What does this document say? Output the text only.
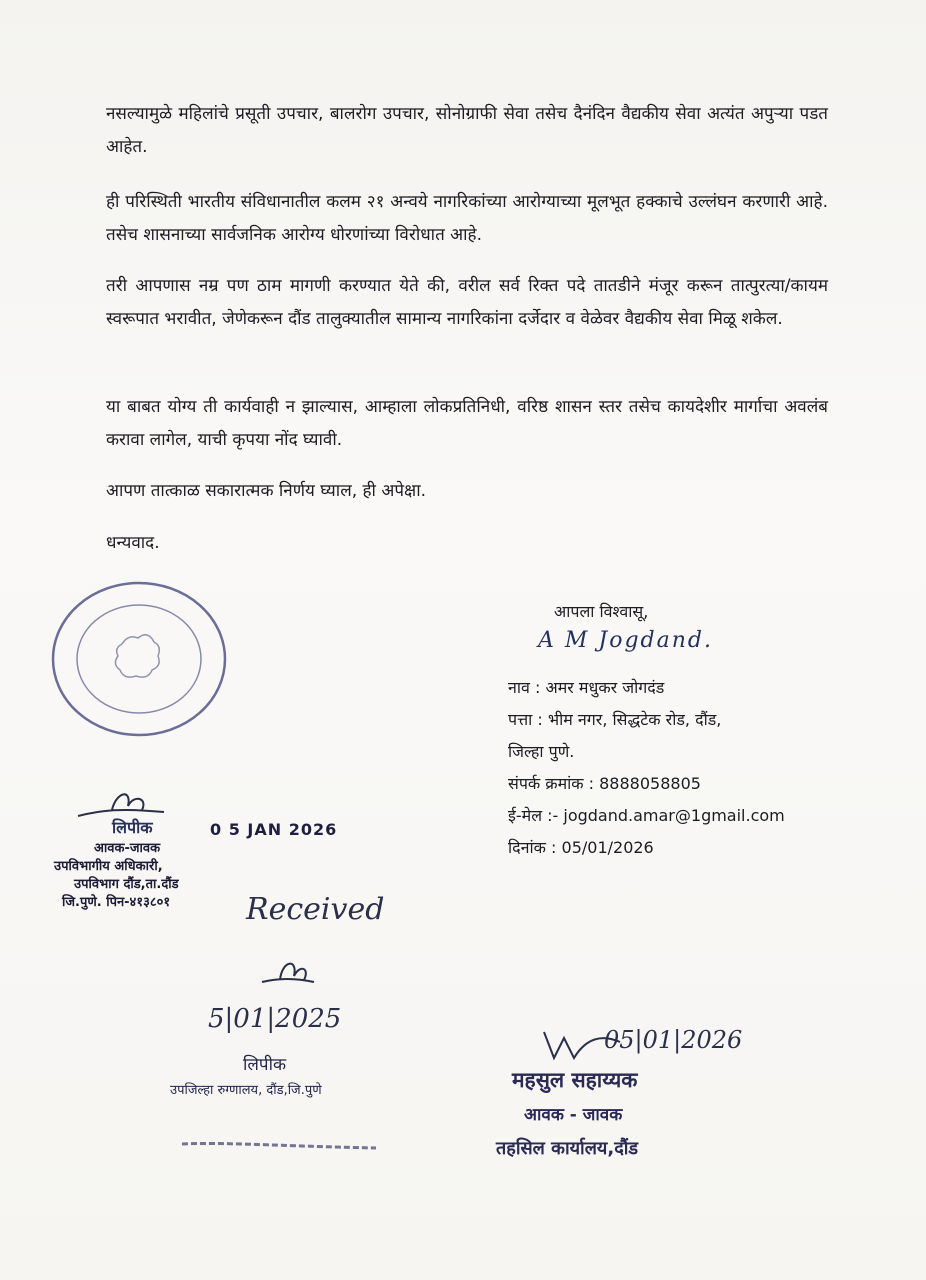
नसल्यामुळे महिलांचे प्रसूती उपचार, बालरोग उपचार, सोनोग्राफी सेवा तसेच दैनंदिन वैद्यकीय सेवा अत्यंत अपुऱ्या पडत आहेत.
ही परिस्थिती भारतीय संविधानातील कलम २१ अन्वये नागरिकांच्या आरोग्याच्या मूलभूत हक्काचे उल्लंघन करणारी आहे. तसेच शासनाच्या सार्वजनिक आरोग्य धोरणांच्या विरोधात आहे.
तरी आपणास नम्र पण ठाम मागणी करण्यात येते की, वरील सर्व रिक्त पदे तातडीने मंजूर करून तात्पुरत्या/कायम स्वरूपात भरावीत, जेणेकरून दौंड तालुक्यातील सामान्य नागरिकांना दर्जेदार व वेळेवर वैद्यकीय सेवा मिळू शकेल.
या बाबत योग्य ती कार्यवाही न झाल्यास, आम्हाला लोकप्रतिनिधी, वरिष्ठ शासन स्तर तसेच कायदेशीर मार्गाचा अवलंब करावा लागेल, याची कृपया नोंद घ्यावी.
आपण तात्काळ सकारात्मक निर्णय घ्याल, ही अपेक्षा.
धन्यवाद.
आपला विश्वासू,
A M Jogdand.
नाव : अमर मधुकर जोगदंड
पत्ता : भीम नगर, सिद्धटेक रोड, दौंड,
जिल्हा पुणे.
संपर्क क्रमांक : 8888058805
ई-मेल :- jogdand.amar@1gmail.com
दिनांक : 05/01/2026
लिपीक	0 5 JAN 2026
आवक-जावक
उपविभागीय अधिकारी,
उपविभाग दौंड,ता.दौंड
जि.पुणे. पिन-४१३८०१	Received
5|01|2025
लिपीक
उपजिल्हा रुग्णालय, दौंड,जि.पुणे
05|01|2026
महसुल सहाय्यक
आवक - जावक
तहसिल कार्यालय,दौंड
